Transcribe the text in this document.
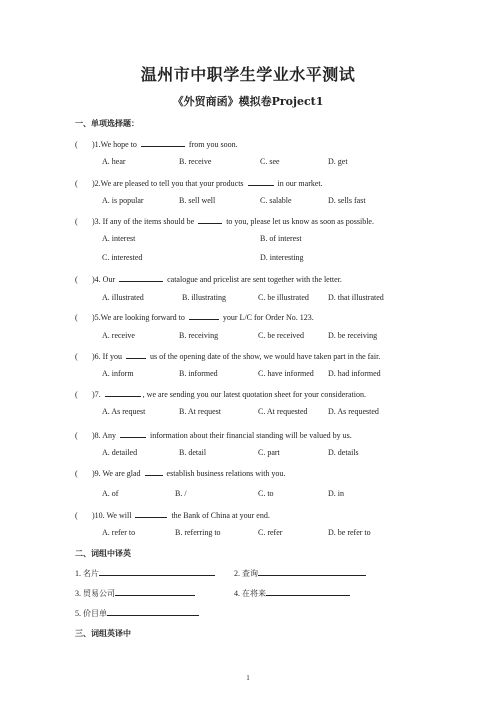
温州市中职学生学业水平测试
《外贸商函》模拟卷Project1
一、单项选择题：
( )1.We hope to	from you soon.
A. hear	B. receive	C. see	D. get
( )2.We are pleased to tell you that your products	in our market.
A. is popular	B. sell well	C. salable	D. sells fast
( )3. If any of the items should be	to you, please let us know as soon as possible.
A. interest	B. of interest
C. interested	D. interesting
( )4. Our	catalogue and pricelist are sent together with the letter.
A. illustrated	B. illustrating	C. be illustrated D. that illustrated
( )5.We are looking forward to	your L/C for Order No. 123.
A. receive	B. receiving	C. be received	D. be receiving
( )6. If you	us of the opening date of the show, we would have taken part in the fair.
A. inform	B. informed	C. have informed D. had informed
( )7.	, we are sending you our latest quotation sheet for your consideration.
A. As request	B. At request	C. At requested	D. As requested
( )8. Any	information about their financial standing will be valued by us.
A. detailed	B. detail	C. part	D. details
( )9. We are glad	establish business relations with you.
A. of	B. /	C. to	D. in
( )10. We will	the Bank of China at your end.
A. refer to	B. referring to	C. refer	D. be refer to
二、词组中译英
1. 名片	2. 查询
3. 贸易公司	4. 在将来
5. 价目单
三、词组英译中
1
